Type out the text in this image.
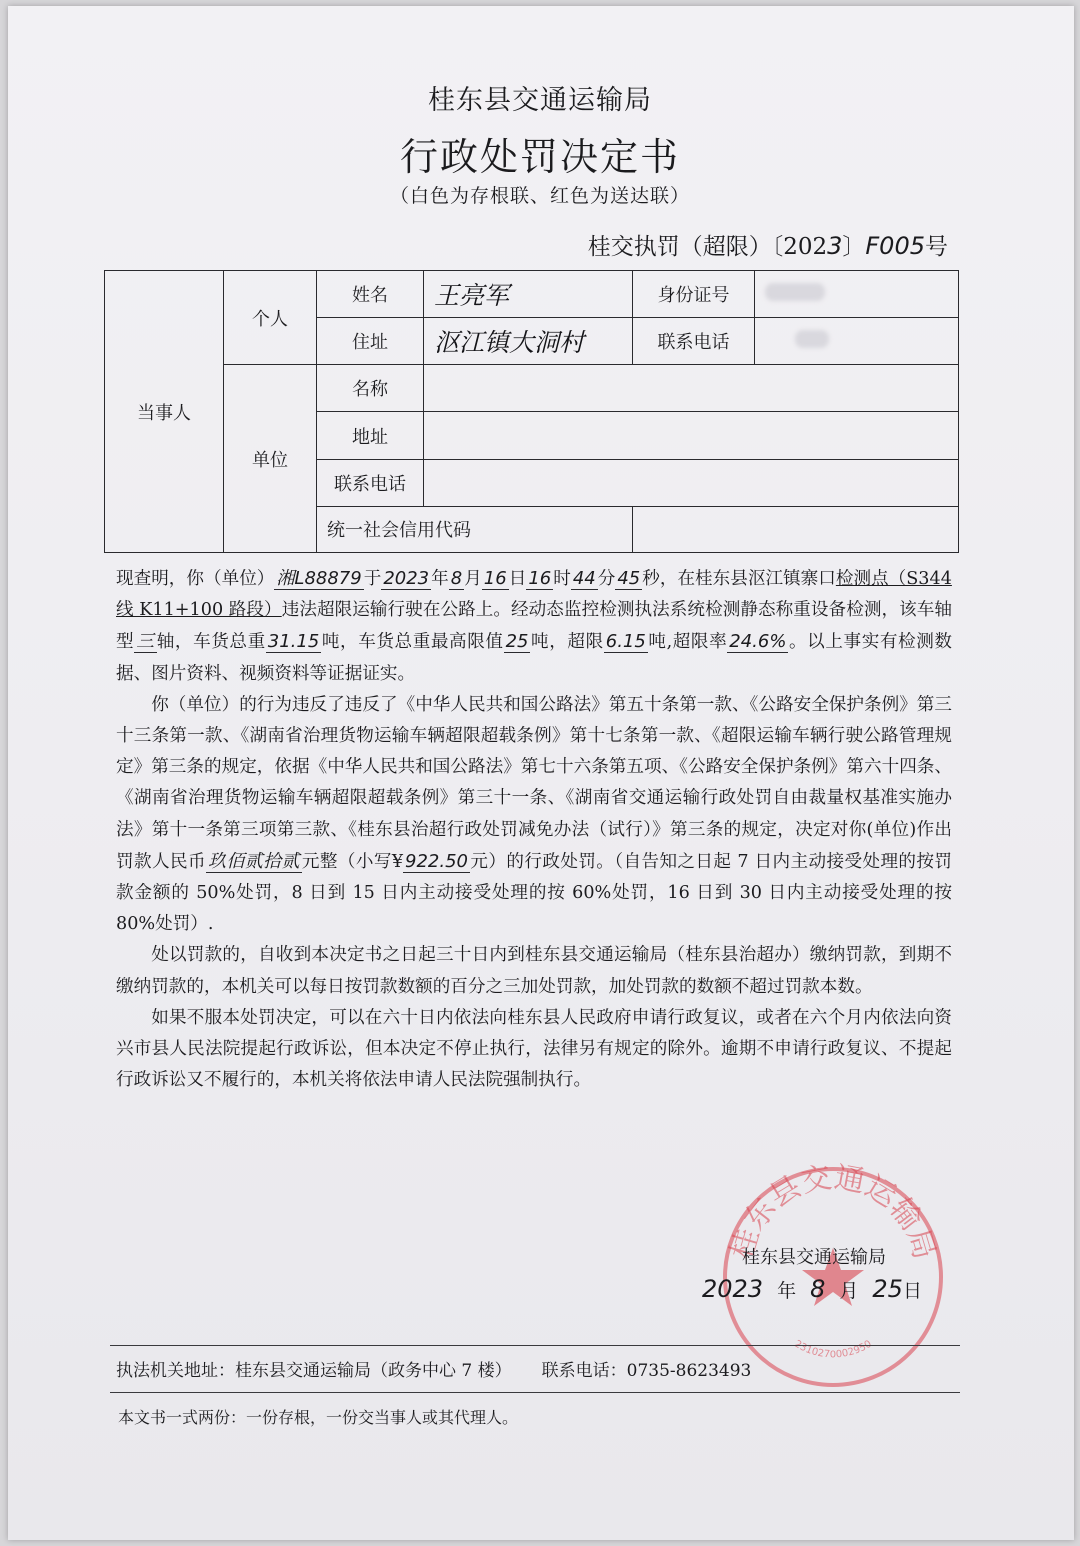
桂东县交通运输局
行政处罚决定书
（白色为存根联、红色为送达联）
桂交执罚（超限）〔2023〕F005号
当事人	个人	姓名	王亮军	身份证号	
		住址	沤江镇大洞村	联系电话	
	单位	名称			
		地址			
		联系电话			
		统一社会信用代码			

现查明，你（单位） 湘L88879 于 2023 年 8 月 16 日 16 时 44 分 45 秒，在桂东县沤江镇寨口检测点（S344 线 K11+100 路段）违法超限运输行驶在公路上。经动态监控检测执法系统检测静态称重设备检测，该车轴型 三 轴，车货总重 31.15 吨，车货总重最高限值 25 吨，超限 6.15 吨,超限率 24.6% 。以上事实有检测数据、图片资料、视频资料等证据证实。

你（单位）的行为违反了违反了《中华人民共和国公路法》第五十条第一款、《公路安全保护条例》第三十三条第一款、《湖南省治理货物运输车辆超限超载条例》第十七条第一款、《超限运输车辆行驶公路管理规定》第三条的规定，依据《中华人民共和国公路法》第七十六条第五项、《公路安全保护条例》第六十四条、《湖南省治理货物运输车辆超限超载条例》第三十一条、《湖南省交通运输行政处罚自由裁量权基准实施办法》第十一条第三项第三款、《桂东县治超行政处罚减免办法（试行）》第三条的规定，决定对你(单位)作出罚款人民币 玖佰贰拾贰 元整（小写¥ 922.50 元）的行政处罚。（自告知之日起 7 日内主动接受处理的按罚款金额的 50%处罚，8 日到 15 日内主动接受处理的按 60%处罚，16 日到 30 日内主动接受处理的按 80%处罚）.

处以罚款的，自收到本决定书之日起三十日内到桂东县交通运输局（桂东县治超办）缴纳罚款，到期不缴纳罚款的，本机关可以每日按罚款数额的百分之三加处罚款，加处罚款的数额不超过罚款本数。

如果不服本处罚决定，可以在六十日内依法向桂东县人民政府申请行政复议，或者在六个月内依法向资兴市县人民法院提起行政诉讼，但本决定不停止执行，法律另有规定的除外。逾期不申请行政复议、不提起行政诉讼又不履行的，本机关将依法申请人民法院强制执行。

桂东县交通运输局
2310270002950
桂东县交通运输局
2023 年 8 月 25日
执法机关地址：桂东县交通运输局（政务中心 7 楼） 联系电话：0735-8623493
本文书一式两份：一份存根，一份交当事人或其代理人。
